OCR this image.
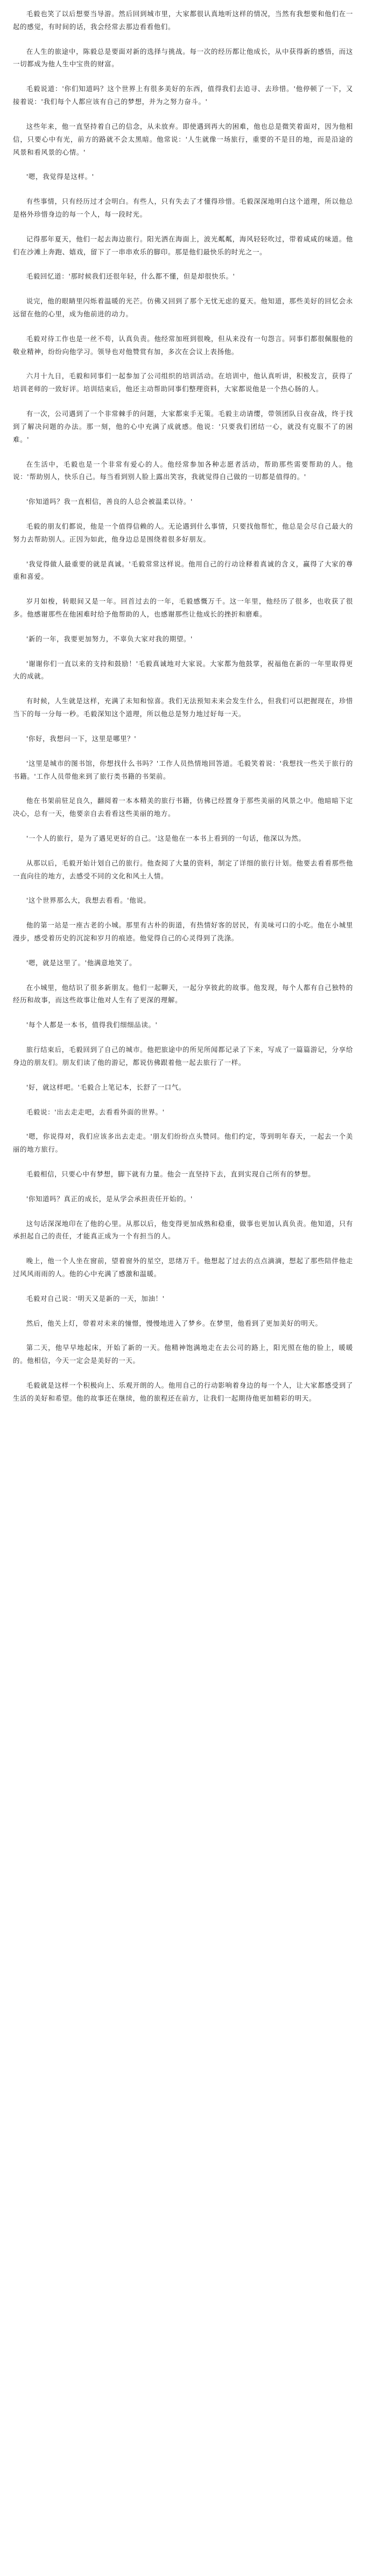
毛毅也笑了以后想要当导游。然后回到城市里，大家都很认真地听这样的情况，当然有我想要和他们在一起的感觉，有时间的话，我会经常去那边看看他们。

在人生的旅途中，陈毅总是要面对新的选择与挑战。每一次的经历都让他成长，从中获得新的感悟，而这一切都成为他人生中宝贵的财富。

毛毅说道：'你们知道吗？这个世界上有很多美好的东西，值得我们去追寻、去珍惜。'他停顿了一下，又接着说：'我们每个人都应该有自己的梦想，并为之努力奋斗。'

这些年来，他一直坚持着自己的信念，从未放弃。即使遇到再大的困难，他也总是微笑着面对，因为他相信，只要心中有光，前方的路就不会太黑暗。他常说：'人生就像一场旅行，重要的不是目的地，而是沿途的风景和看风景的心情。'

'嗯，我觉得是这样。'

有些事情，只有经历过才会明白。有些人，只有失去了才懂得珍惜。毛毅深深地明白这个道理，所以他总是格外珍惜身边的每一个人，每一段时光。

记得那年夏天，他们一起去海边旅行。阳光洒在海面上，波光粼粼，海风轻轻吹过，带着咸咸的味道。他们在沙滩上奔跑、嬉戏，留下了一串串欢乐的脚印。那是他们最快乐的时光之一。

毛毅回忆道：'那时候我们还很年轻，什么都不懂，但是却很快乐。'

说完，他的眼睛里闪烁着温暖的光芒。仿佛又回到了那个无忧无虑的夏天。他知道，那些美好的回忆会永远留在他的心里，成为他前进的动力。

毛毅对待工作也是一丝不苟，认真负责。他经常加班到很晚，但从来没有一句怨言。同事们都很佩服他的敬业精神，纷纷向他学习。领导也对他赞赏有加，多次在会议上表扬他。

六月十九日，毛毅和同事们一起参加了公司组织的培训活动。在培训中，他认真听讲，积极发言，获得了培训老师的一致好评。培训结束后，他还主动帮助同事们整理资料，大家都说他是一个热心肠的人。

有一次，公司遇到了一个非常棘手的问题，大家都束手无策。毛毅主动请缨，带领团队日夜奋战，终于找到了解决问题的办法。那一刻，他的心中充满了成就感。他说：'只要我们团结一心，就没有克服不了的困难。'

在生活中，毛毅也是一个非常有爱心的人。他经常参加各种志愿者活动，帮助那些需要帮助的人。他说：'帮助别人，快乐自己。每当看到别人脸上露出笑容，我就觉得自己做的一切都是值得的。'

'你知道吗？我一直相信，善良的人总会被温柔以待。'

毛毅的朋友们都说，他是一个值得信赖的人。无论遇到什么事情，只要找他帮忙，他总是会尽自己最大的努力去帮助别人。正因为如此，他身边总是围绕着很多好朋友。

'我觉得做人最重要的就是真诚。'毛毅常常这样说。他用自己的行动诠释着真诚的含义，赢得了大家的尊重和喜爱。

岁月如梭，转眼间又是一年。回首过去的一年，毛毅感慨万千。这一年里，他经历了很多，也收获了很多。他感谢那些在他困难时给予他帮助的人，也感谢那些让他成长的挫折和磨难。

'新的一年，我要更加努力，不辜负大家对我的期望。'

'谢谢你们一直以来的支持和鼓励！'毛毅真诚地对大家说。大家都为他鼓掌，祝福他在新的一年里取得更大的成就。

有时候，人生就是这样，充满了未知和惊喜。我们无法预知未来会发生什么，但我们可以把握现在，珍惜当下的每一分每一秒。毛毅深知这个道理，所以他总是努力地过好每一天。

'你好，我想问一下，这里是哪里？'

'这里是城市的图书馆，你想找什么书吗？'工作人员热情地回答道。毛毅笑着说：'我想找一些关于旅行的书籍。'工作人员带他来到了旅行类书籍的书架前。

他在书架前驻足良久，翻阅着一本本精美的旅行书籍，仿佛已经置身于那些美丽的风景之中。他暗暗下定决心，总有一天，他要亲自去看看这些美丽的地方。

'一个人的旅行，是为了遇见更好的自己。'这是他在一本书上看到的一句话，他深以为然。

从那以后，毛毅开始计划自己的旅行。他查阅了大量的资料，制定了详细的旅行计划。他要去看看那些他一直向往的地方，去感受不同的文化和风土人情。

'这个世界那么大，我想去看看。'他说。

他的第一站是一座古老的小城。那里有古朴的街道，有热情好客的居民，有美味可口的小吃。他在小城里漫步，感受着历史的沉淀和岁月的痕迹。他觉得自己的心灵得到了洗涤。

'嗯，就是这里了。'他满意地笑了。

在小城里，他结识了很多新朋友。他们一起聊天，一起分享彼此的故事。他发现，每个人都有自己独特的经历和故事，而这些故事让他对人生有了更深的理解。

'每个人都是一本书，值得我们细细品读。'

旅行结束后，毛毅回到了自己的城市。他把旅途中的所见所闻都记录了下来，写成了一篇篇游记，分享给身边的朋友们。朋友们读了他的游记，都说仿佛跟着他一起去旅行了一样。

'好，就这样吧。'毛毅合上笔记本，长舒了一口气。

毛毅说：'出去走走吧，去看看外面的世界。'

'嗯，你说得对，我们应该多出去走走。'朋友们纷纷点头赞同。他们约定，等到明年春天，一起去一个美丽的地方旅行。

毛毅相信，只要心中有梦想，脚下就有力量。他会一直坚持下去，直到实现自己所有的梦想。

'你知道吗？真正的成长，是从学会承担责任开始的。'

这句话深深地印在了他的心里。从那以后，他变得更加成熟和稳重，做事也更加认真负责。他知道，只有承担起自己的责任，才能真正成为一个有担当的人。

晚上，他一个人坐在窗前，望着窗外的星空，思绪万千。他想起了过去的点点滴滴，想起了那些陪伴他走过风风雨雨的人。他的心中充满了感激和温暖。

毛毅对自己说：'明天又是新的一天，加油！'

然后，他关上灯，带着对未来的憧憬，慢慢地进入了梦乡。在梦里，他看到了更加美好的明天。

第二天，他早早地起床，开始了新的一天。他精神饱满地走在去公司的路上，阳光照在他的脸上，暖暖的。他相信，今天一定会是美好的一天。

毛毅就是这样一个积极向上、乐观开朗的人。他用自己的行动影响着身边的每一个人，让大家都感受到了生活的美好和希望。他的故事还在继续，他的旅程还在前方，让我们一起期待他更加精彩的明天。
